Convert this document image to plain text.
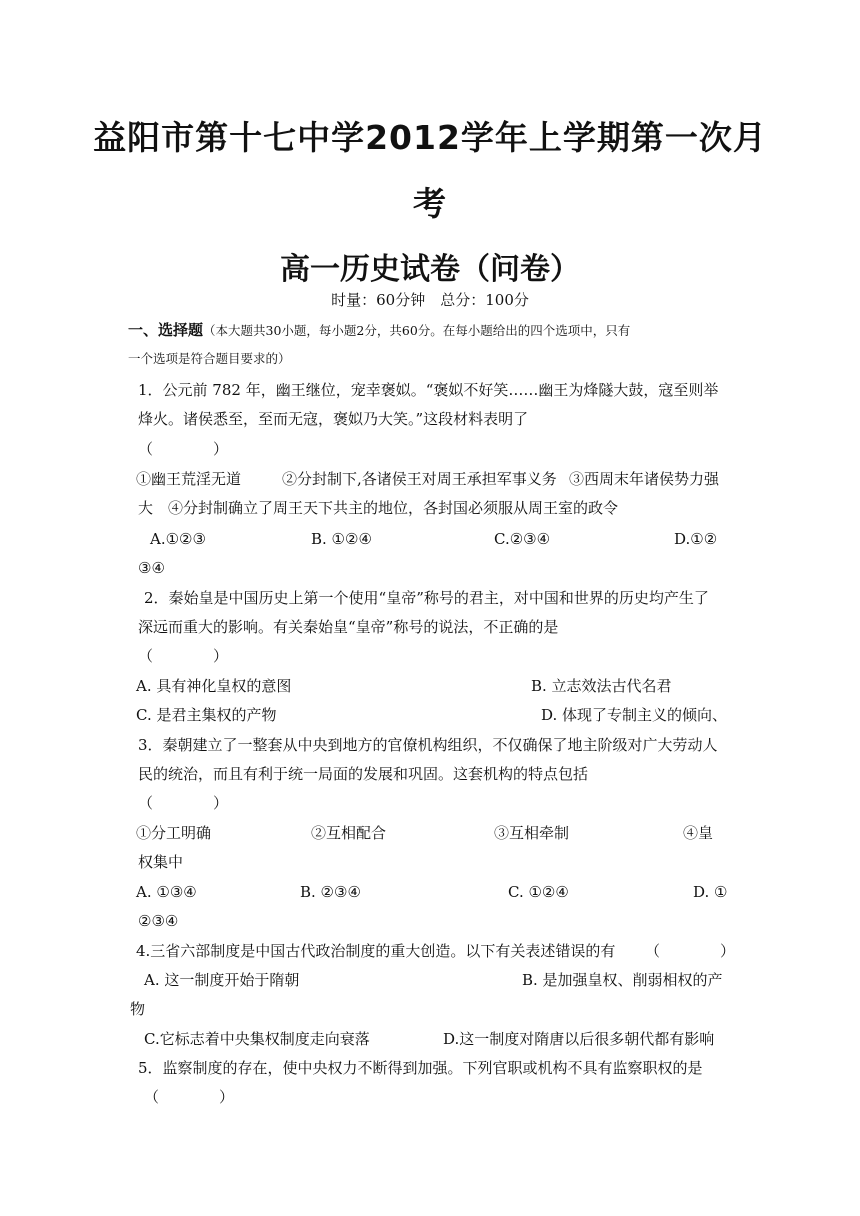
益阳市第十七中学2012学年上学期第一次月
考
高一历史试卷（问卷）
时量：60分钟　总分：100分
一、选择题（本大题共30小题，每小题2分，共60分。在每小题给出的四个选项中，只有
一个选项是符合题目要求的）
1．公元前 782 年，幽王继位，宠幸褒姒。“褒姒不好笑……幽王为烽隧大鼓，寇至则举
烽火。诸侯悉至，至而无寇，褒姒乃大笑。”这段材料表明了
（　　　　）
①幽王荒淫无道	②分封制下,各诸侯王对周王承担军事义务 ③西周末年诸侯势力强
大　④分封制确立了周王天下共主的地位，各封国必须服从周王室的政令
A.①②③	B. ①②④	C.②③④	D.①②
③④
2．秦始皇是中国历史上第一个使用“皇帝”称号的君主，对中国和世界的历史均产生了
深远而重大的影响。有关秦始皇“皇帝”称号的说法，不正确的是
（　　　　）
A. 具有神化皇权的意图	B. 立志效法古代名君
C. 是君主集权的产物	D. 体现了专制主义的倾向、
3．秦朝建立了一整套从中央到地方的官僚机构组织，不仅确保了地主阶级对广大劳动人
民的统治，而且有利于统一局面的发展和巩固。这套机构的特点包括
（　　　　）
①分工明确	②互相配合	③互相牵制	④皇
权集中
A. ①③④	B. ②③④	C. ①②④	D. ①
②③④
4.三省六部制度是中国古代政治制度的重大创造。以下有关表述错误的有 （　　　　）
A. 这一制度开始于隋朝	B. 是加强皇权、削弱相权的产
物
C.它标志着中央集权制度走向衰落	D.这一制度对隋唐以后很多朝代都有影响
5．监察制度的存在，使中央权力不断得到加强。下列官职或机构不具有监察职权的是
（　　　　）
